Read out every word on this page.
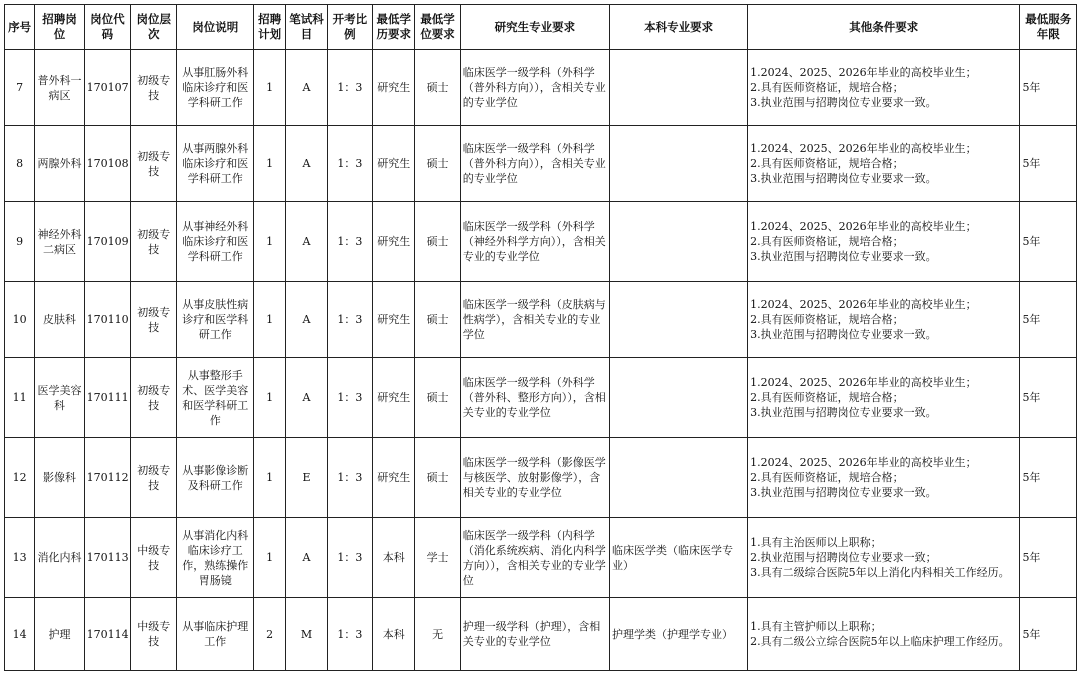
序号	招聘岗位	岗位代码	岗位层次	岗位说明	招聘计划	笔试科目	开考比例	最低学历要求	最低学位要求	研究生专业要求	本科专业要求	其他条件要求	最低服务年限
7	普外科一病区	170107	初级专技	从事肛肠外科临床诊疗和医学科研工作	1	A	1：3	研究生	硕士	临床医学一级学科（外科学（普外科方向）），含相关专业的专业学位		1.2024、2025、2026年毕业的高校毕业生；
2.具有医师资格证，规培合格；
3.执业范围与招聘岗位专业要求一致。	5年
8	两腺外科	170108	初级专技	从事两腺外科临床诊疗和医学科研工作	1	A	1：3	研究生	硕士	临床医学一级学科（外科学（普外科方向）），含相关专业的专业学位		1.2024、2025、2026年毕业的高校毕业生；
2.具有医师资格证，规培合格；
3.执业范围与招聘岗位专业要求一致。	5年
9	神经外科二病区	170109	初级专技	从事神经外科临床诊疗和医学科研工作	1	A	1：3	研究生	硕士	临床医学一级学科（外科学（神经外科学方向）），含相关专业的专业学位		1.2024、2025、2026年毕业的高校毕业生；
2.具有医师资格证，规培合格；
3.执业范围与招聘岗位专业要求一致。	5年
10	皮肤科	170110	初级专技	从事皮肤性病诊疗和医学科研工作	1	A	1：3	研究生	硕士	临床医学一级学科（皮肤病与性病学），含相关专业的专业学位		1.2024、2025、2026年毕业的高校毕业生；
2.具有医师资格证，规培合格；
3.执业范围与招聘岗位专业要求一致。	5年
11	医学美容科	170111	初级专技	从事整形手术、医学美容和医学科研工作	1	A	1：3	研究生	硕士	临床医学一级学科（外科学（普外科、整形方向）），含相关专业的专业学位		1.2024、2025、2026年毕业的高校毕业生；
2.具有医师资格证，规培合格；
3.执业范围与招聘岗位专业要求一致。	5年
12	影像科	170112	初级专技	从事影像诊断及科研工作	1	E	1：3	研究生	硕士	临床医学一级学科（影像医学与核医学、放射影像学），含相关专业的专业学位		1.2024、2025、2026年毕业的高校毕业生；
2.具有医师资格证，规培合格；
3.执业范围与招聘岗位专业要求一致。	5年
13	消化内科	170113	中级专技	从事消化内科临床诊疗工作，熟练操作胃肠镜	1	A	1：3	本科	学士	临床医学一级学科（内科学（消化系统疾病、消化内科学方向）），含相关专业的专业学位	临床医学类（临床医学专业）	1.具有主治医师以上职称；
2.执业范围与招聘岗位专业要求一致；
3.具有二级综合医院5年以上消化内科相关工作经历。	5年
14	护理	170114	中级专技	从事临床护理工作	2	M	1：3	本科	无	护理一级学科（护理），含相关专业的专业学位	护理学类（护理学专业）	1.具有主管护师以上职称；
2.具有二级公立综合医院5年以上临床护理工作经历。	5年
